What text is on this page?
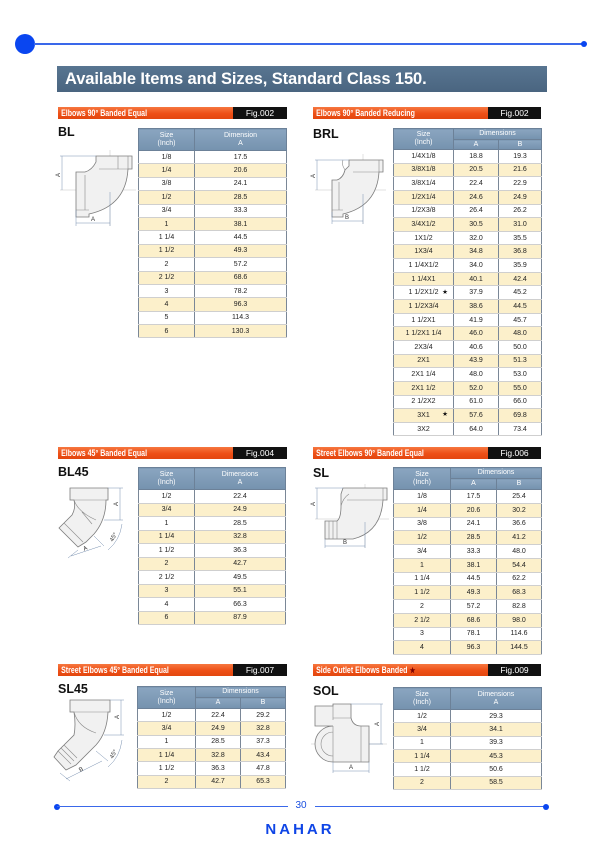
Available Items and Sizes, Standard Class 150.
Elbows 90° Banded Equal	Fig.002
BL
A
A
Size
(Inch)	Dimension
A

1/8	17.5
1/4	20.6
3/8	24.1
1/2	28.5
3/4	33.3
1	38.1
1 1/4	44.5
1 1/2	49.3
2	57.2
2 1/2	68.6
3	78.2
4	96.3
5	114.3
6	130.3
Elbows 90° Banded Reducing	Fig.002
BRL
A
B
Size
(Inch)	Dimensions	
	A	B
1/4X1/8	18.8	19.3
3/8X1/8	20.5	21.6
3/8X1/4	22.4	22.9
1/2X1/4	24.6	24.9
1/2X3/8	26.4	26.2
3/4X1/2	30.5	31.0
1X1/2	32.0	35.5
1X3/4	34.8	36.8
1 1/4X1/2	34.0	35.9
1 1/4X1	40.1	42.4
1 1/2X1/2 ★	37.9	45.2
1 1/2X3/4	38.6	44.5
1 1/2X1	41.9	45.7
1 1/2X1 1/4	46.0	48.0
2X3/4	40.6	50.0
2X1	43.9	51.3
2X1 1/4	48.0	53.0
2X1 1/2	52.0	55.0
2 1/2X2	61.0	66.0
3X1 ★	57.6	69.8
3X2	64.0	73.4
Elbows 45° Banded Equal	Fig.004
BL45
A
45°
A
Size
(Inch)	Dimensions
A

1/2	22.4
3/4	24.9
1	28.5
1 1/4	32.8
1 1/2	36.3
2	42.7
2 1/2	49.5
3	55.1
4	66.3
6	87.9
Street Elbows 90° Banded Equal	Fig.006
SL
A
B
Size
(Inch)	Dimensions	
	A	B
1/8	17.5	25.4
1/4	20.6	30.2
3/8	24.1	36.6
1/2	28.5	41.2
3/4	33.3	48.0
1	38.1	54.4
1 1/4	44.5	62.2
1 1/2	49.3	68.3
2	57.2	82.8
2 1/2	68.6	98.0
3	78.1	114.6
4	96.3	144.5
Street Elbows 45° Banded Equal	Fig.007
SL45
A
45°
B
Size
(Inch)	Dimensions	
	A	B
1/2	22.4	29.2
3/4	24.9	32.8
1	28.5	37.3
1 1/4	32.8	43.4
1 1/2	36.3	47.8
2	42.7	65.3
Side Outlet Elbows Banded ★	Fig.009
SOL
A
A
Size
(Inch)	Dimensions
A

1/2	29.3
3/4	34.1
1	39.3
1 1/4	45.3
1 1/2	50.6
2	58.5
30
NAHAR
